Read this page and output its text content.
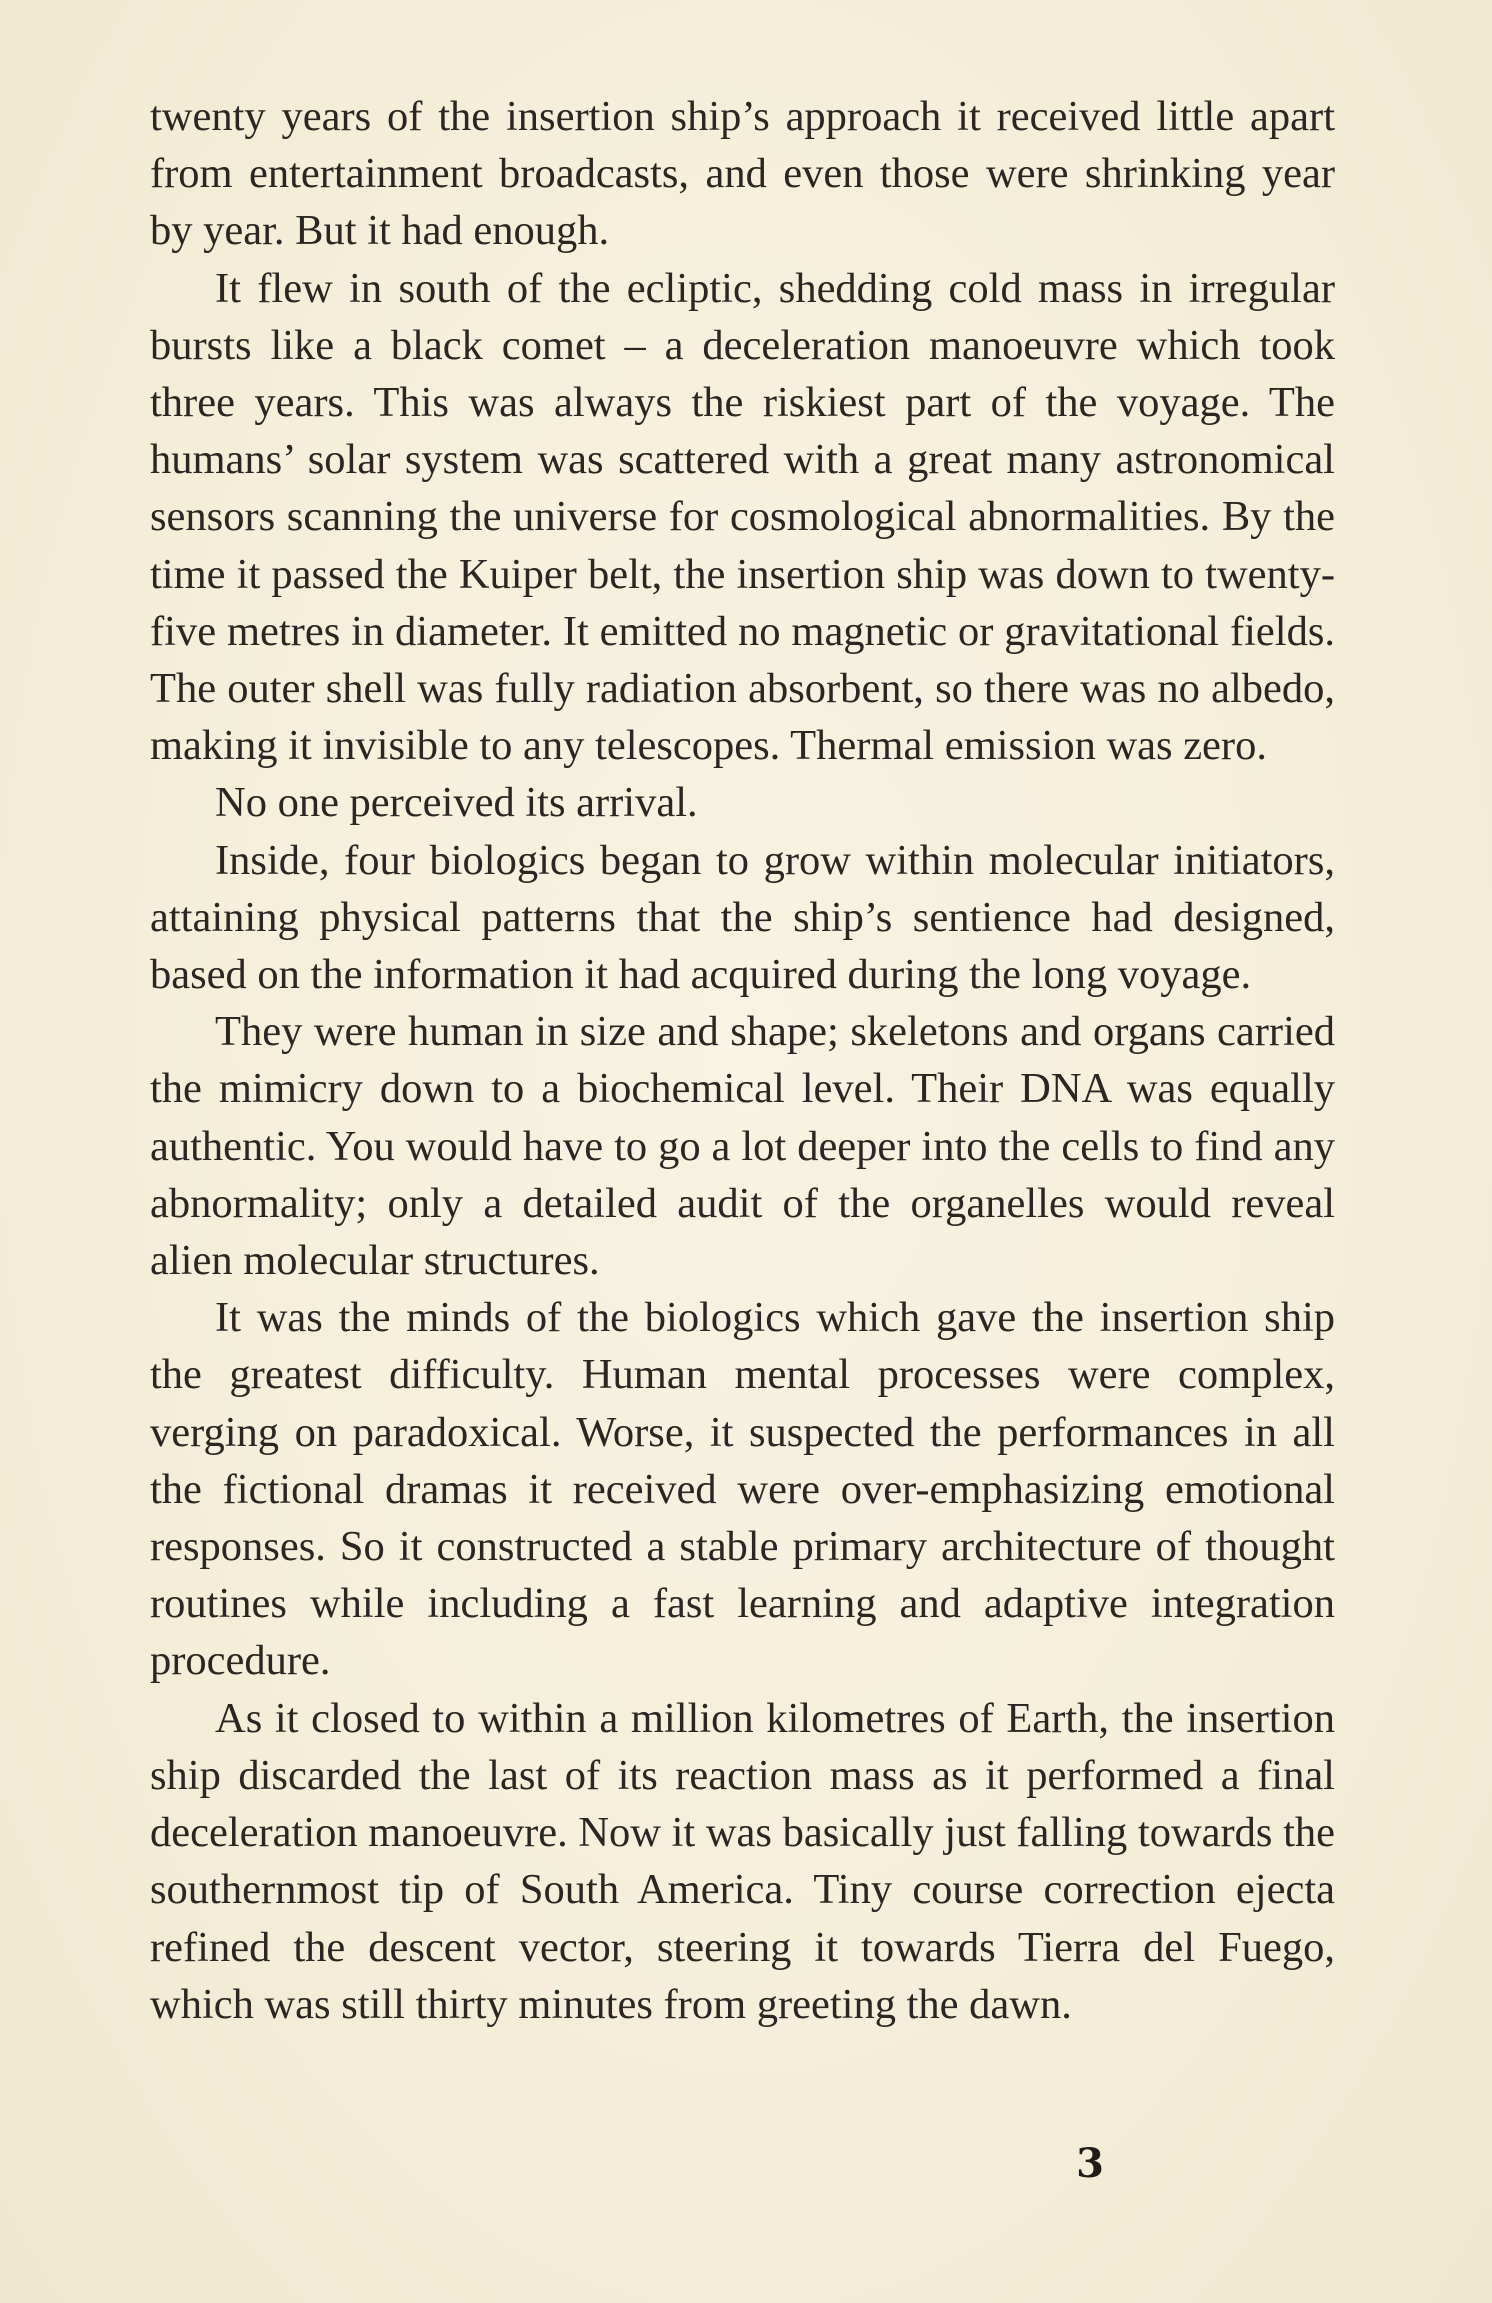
twenty years of the insertion ship’s approach it received little apart from entertainment broadcasts, and even those were shrinking year by year. But it had enough.

It flew in south of the ecliptic, shedding cold mass in irregular bursts like a black comet – a deceleration manoeuvre which took three years. This was always the riskiest part of the voyage. The humans’ solar system was scattered with a great many astronomical sensors scanning the universe for cosmological abnormalities. By the time it passed the Kuiper belt, the insertion ship was down to twenty-five metres in diameter. It emitted no magnetic or gravitational fields. The outer shell was fully radiation absorbent, so there was no albedo, making it invisible to any telescopes. Thermal emission was zero.

No one perceived its arrival.

Inside, four biologics began to grow within molecular initiators, attaining physical patterns that the ship’s sentience had designed, based on the information it had acquired during the long voyage.

They were human in size and shape; skeletons and organs carried the mimicry down to a biochemical level. Their DNA was equally authentic. You would have to go a lot deeper into the cells to find any abnormality; only a detailed audit of the organelles would reveal alien molecular structures.

It was the minds of the biologics which gave the insertion ship the greatest difficulty. Human mental processes were complex, verging on paradoxical. Worse, it suspected the performances in all the fictional dramas it received were over-emphasizing emotional responses. So it constructed a stable primary architecture of thought routines while including a fast learning and adaptive integration procedure.

As it closed to within a million kilometres of Earth, the insertion ship discarded the last of its reaction mass as it performed a final deceleration manoeuvre. Now it was basically just falling towards the southernmost tip of South America. Tiny course correction ejecta refined the descent vector, steering it towards Tierra del Fuego, which was still thirty minutes from greeting the dawn.

3
